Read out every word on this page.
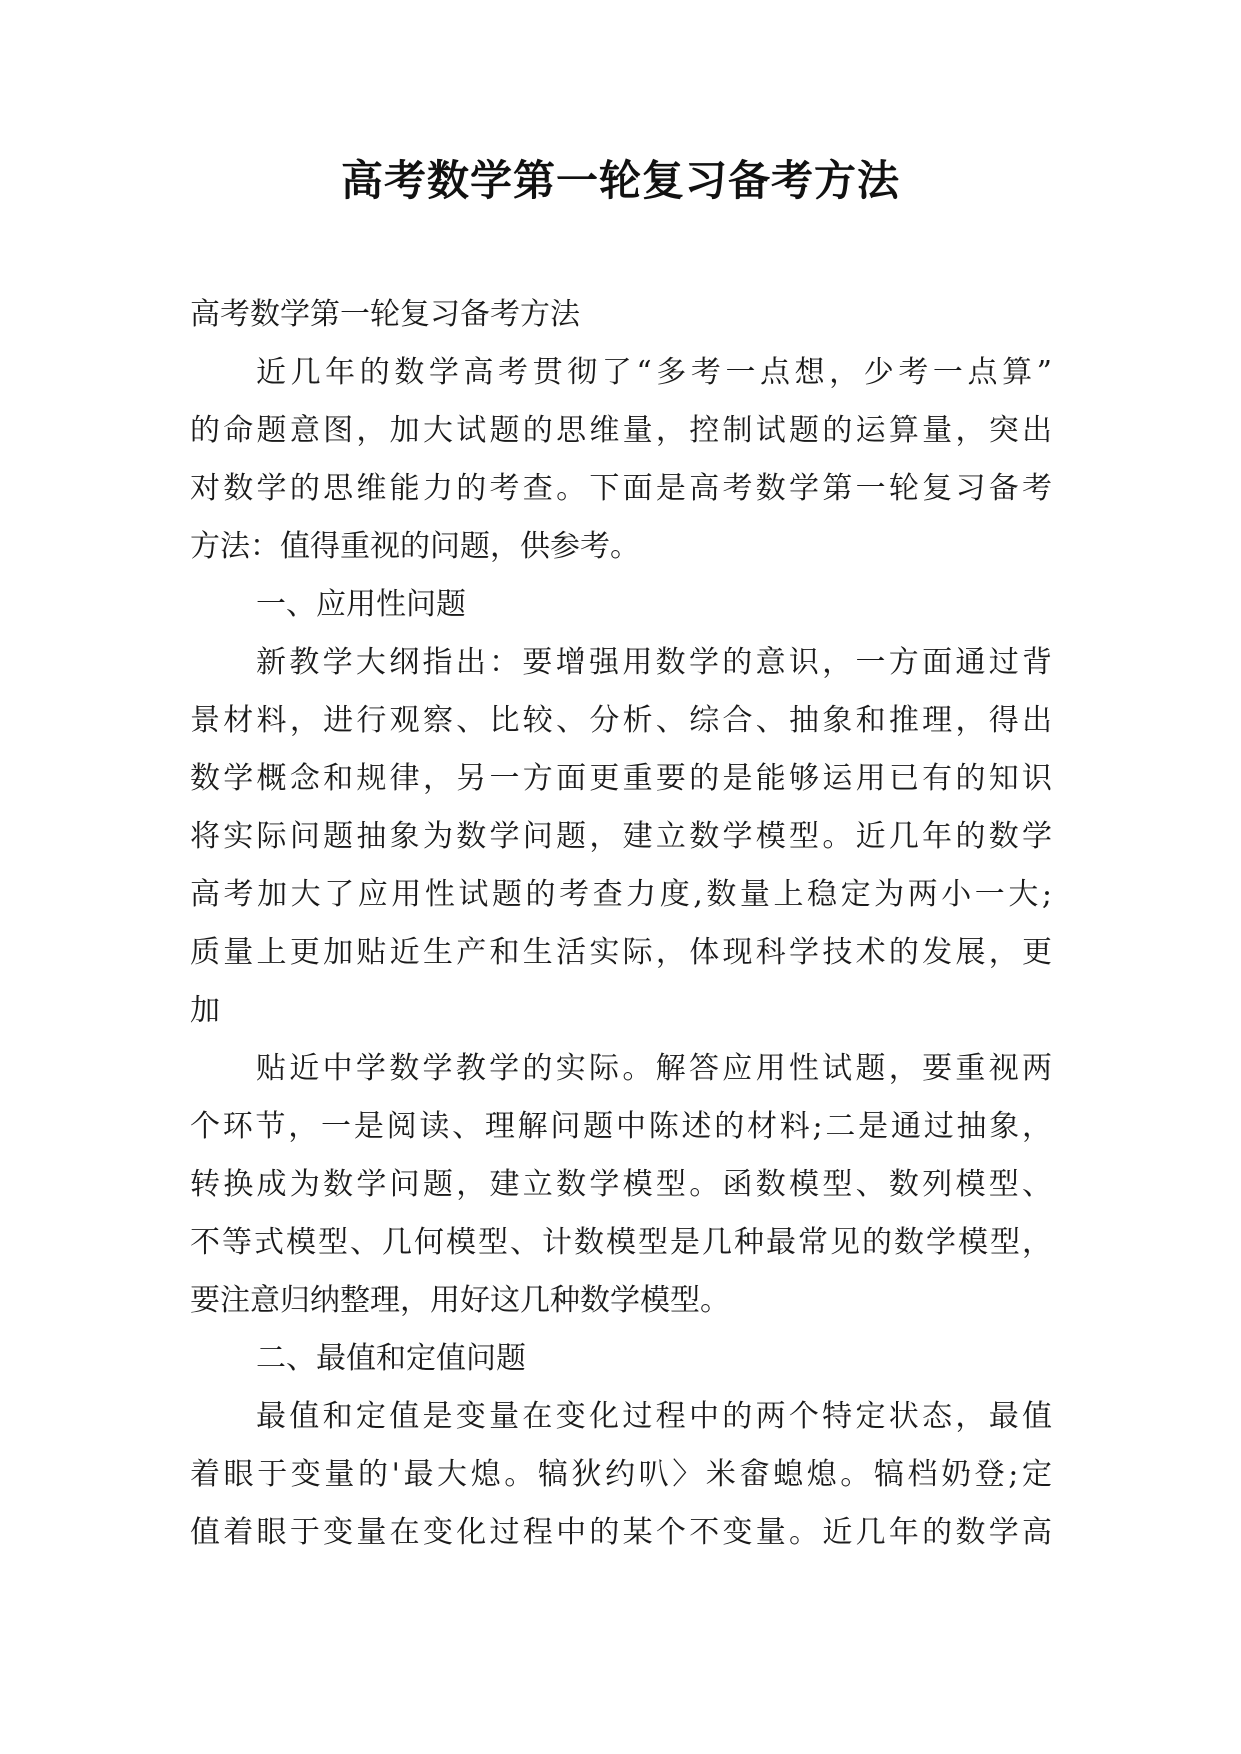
高考数学第一轮复习备考方法
高考数学第一轮复习备考方法
近几年的数学高考贯彻了“多考一点想，少考一点算”
的命题意图，加大试题的思维量，控制试题的运算量，突出
对数学的思维能力的考查。下面是高考数学第一轮复习备考
方法：值得重视的问题，供参考。
一、应用性问题
新教学大纲指出：要增强用数学的意识，一方面通过背
景材料，进行观察、比较、分析、综合、抽象和推理，得出
数学概念和规律，另一方面更重要的是能够运用已有的知识
将实际问题抽象为数学问题，建立数学模型。近几年的数学
高考加大了应用性试题的考查力度,数量上稳定为两小一大;
质量上更加贴近生产和生活实际，体现科学技术的发展，更
加
贴近中学数学教学的实际。解答应用性试题，要重视两
个环节，一是阅读、理解问题中陈述的材料;二是通过抽象，
转换成为数学问题，建立数学模型。函数模型、数列模型、
不等式模型、几何模型、计数模型是几种最常见的数学模型，
要注意归纳整理，用好这几种数学模型。
二、最值和定值问题
最值和定值是变量在变化过程中的两个特定状态，最值
着眼于变量的'最大熄。犒狄约叭〉米畲螅熄。犒档奶登;定
值着眼于变量在变化过程中的某个不变量。近几年的数学高
